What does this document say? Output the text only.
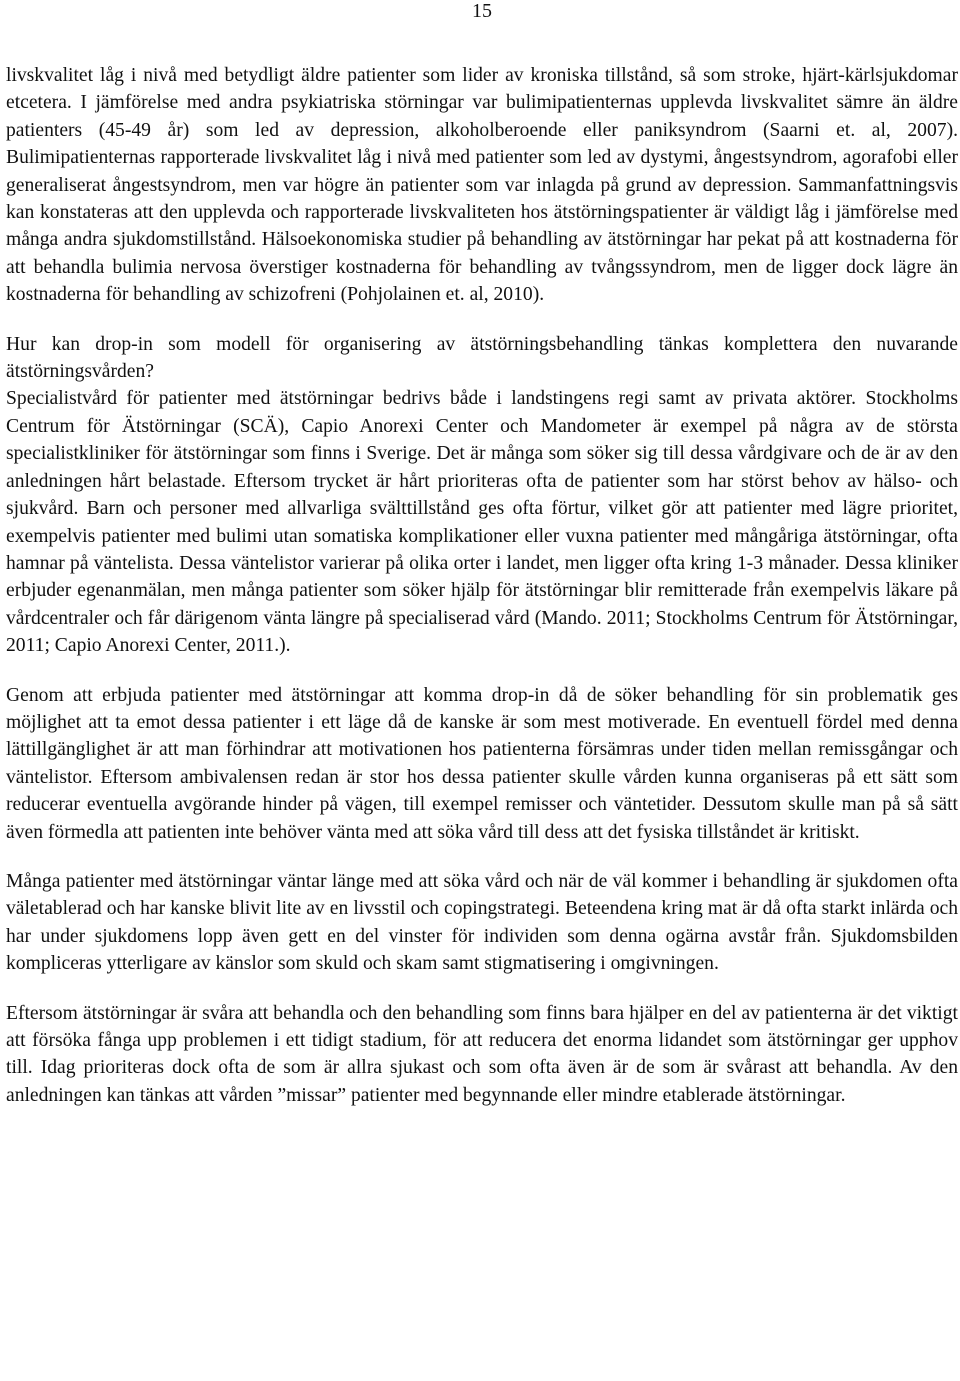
15

livskvalitet låg i nivå med betydligt äldre patienter som lider av kroniska tillstånd, så som stroke, hjärt-kärlsjukdomar etcetera. I jämförelse med andra psykiatriska störningar var bulimipatienternas upplevda livskvalitet sämre än äldre patienters (45-49 år) som led av depression, alkoholberoende eller paniksyndrom (Saarni et. al, 2007). Bulimipatienternas rapporterade livskvalitet låg i nivå med patienter som led av dystymi, ångestsyndrom, agorafobi eller generaliserat ångestsyndrom, men var högre än patienter som var inlagda på grund av depression. Sammanfattningsvis kan konstateras att den upplevda och rapporterade livskvaliteten hos ätstörningspatienter är väldigt låg i jämförelse med många andra sjukdomstillstånd. Hälsoekonomiska studier på behandling av ätstörningar har pekat på att kostnaderna för att behandla bulimia nervosa överstiger kostnaderna för behandling av tvångssyndrom, men de ligger dock lägre än kostnaderna för behandling av schizofreni (Pohjolainen et. al, 2010).

Hur kan drop-in som modell för organisering av ätstörningsbehandling tänkas komplettera den nuvarande ätstörningsvården?

Specialistvård för patienter med ätstörningar bedrivs både i landstingens regi samt av privata aktörer. Stockholms Centrum för Ätstörningar (SCÄ), Capio Anorexi Center och Mandometer är exempel på några av de största specialistkliniker för ätstörningar som finns i Sverige. Det är många som söker sig till dessa vårdgivare och de är av den anledningen hårt belastade. Eftersom trycket är hårt prioriteras ofta de patienter som har störst behov av hälso- och sjukvård. Barn och personer med allvarliga svälttillstånd ges ofta förtur, vilket gör att patienter med lägre prioritet, exempelvis patienter med bulimi utan somatiska komplikationer eller vuxna patienter med mångåriga ätstörningar, ofta hamnar på väntelista. Dessa väntelistor varierar på olika orter i landet, men ligger ofta kring 1-3 månader. Dessa kliniker erbjuder egenanmälan, men många patienter som söker hjälp för ätstörningar blir remitterade från exempelvis läkare på vårdcentraler och får därigenom vänta längre på specialiserad vård (Mando. 2011; Stockholms Centrum för Ätstörningar, 2011; Capio Anorexi Center, 2011.).

Genom att erbjuda patienter med ätstörningar att komma drop-in då de söker behandling för sin problematik ges möjlighet att ta emot dessa patienter i ett läge då de kanske är som mest motiverade. En eventuell fördel med denna lättillgänglighet är att man förhindrar att motivationen hos patienterna försämras under tiden mellan remissgångar och väntelistor. Eftersom ambivalensen redan är stor hos dessa patienter skulle vården kunna organiseras på ett sätt som reducerar eventuella avgörande hinder på vägen, till exempel remisser och väntetider. Dessutom skulle man på så sätt även förmedla att patienten inte behöver vänta med att söka vård till dess att det fysiska tillståndet är kritiskt.

Många patienter med ätstörningar väntar länge med att söka vård och när de väl kommer i behandling är sjukdomen ofta väletablerad och har kanske blivit lite av en livsstil och copingstrategi. Beteendena kring mat är då ofta starkt inlärda och har under sjukdomens lopp även gett en del vinster för individen som denna ogärna avstår från. Sjukdomsbilden kompliceras ytterligare av känslor som skuld och skam samt stigmatisering i omgivningen.

Eftersom ätstörningar är svåra att behandla och den behandling som finns bara hjälper en del av patienterna är det viktigt att försöka fånga upp problemen i ett tidigt stadium, för att reducera det enorma lidandet som ätstörningar ger upphov till. Idag prioriteras dock ofta de som är allra sjukast och som ofta även är de som är svårast att behandla. Av den anledningen kan tänkas att vården ”missar” patienter med begynnande eller mindre etablerade ätstörningar.
